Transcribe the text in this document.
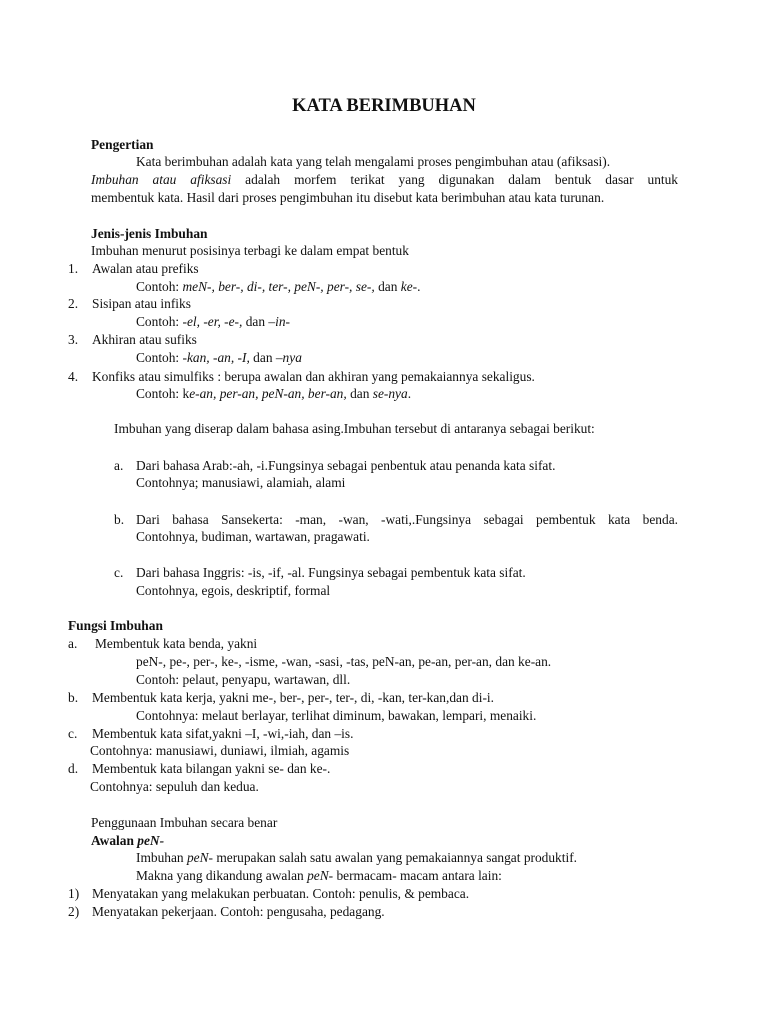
KATA BERIMBUHAN
Pengertian
Kata berimbuhan adalah kata yang telah mengalami proses pengimbuhan atau (afiksasi).
Imbuhan atau afiksasi adalah morfem terikat yang digunakan dalam bentuk dasar untuk
membentuk kata. Hasil dari proses pengimbuhan itu disebut kata berimbuhan atau kata turunan.
Jenis-jenis Imbuhan
Imbuhan menurut posisinya terbagi ke dalam empat bentuk
1. Awalan atau prefiks
Contoh: meN-, ber-, di-, ter-, peN-, per-, se-, dan ke-.
2. Sisipan atau infiks
Contoh: -el, -er, -e-, dan –in-
3. Akhiran atau sufiks
Contoh: -kan, -an, -I, dan –nya
4. Konfiks atau simulfiks : berupa awalan dan akhiran yang pemakaiannya sekaligus.
Contoh: ke-an, per-an, peN-an, ber-an, dan se-nya.
Imbuhan yang diserap dalam bahasa asing.Imbuhan tersebut di antaranya sebagai berikut:
a. Dari bahasa Arab:-ah, -i.Fungsinya sebagai penbentuk atau penanda kata sifat.
Contohnya; manusiawi, alamiah, alami
b. Dari bahasa Sansekerta: -man, -wan, -wati,.Fungsinya sebagai pembentuk kata benda.
Contohnya, budiman, wartawan, pragawati.
c. Dari bahasa Inggris: -is, -if, -al. Fungsinya sebagai pembentuk kata sifat.
Contohnya, egois, deskriptif, formal
Fungsi Imbuhan
a. Membentuk kata benda, yakni
peN-, pe-, per-, ke-, -isme, -wan, -sasi, -tas, peN-an, pe-an, per-an, dan ke-an.
Contoh: pelaut, penyapu, wartawan, dll.
b. Membentuk kata kerja, yakni me-, ber-, per-, ter-, di, -kan, ter-kan,dan di-i.
Contohnya: melaut berlayar, terlihat diminum, bawakan, lempari, menaiki.
c. Membentuk kata sifat,yakni –I, -wi,-iah, dan –is.
Contohnya: manusiawi, duniawi, ilmiah, agamis
d. Membentuk kata bilangan yakni se- dan ke-.
Contohnya: sepuluh dan kedua.
Penggunaan Imbuhan secara benar
Awalan peN-
Imbuhan peN- merupakan salah satu awalan yang pemakaiannya sangat produktif.
Makna yang dikandung awalan peN- bermacam- macam antara lain:
1) Menyatakan yang melakukan perbuatan. Contoh: penulis, & pembaca.
2) Menyatakan pekerjaan. Contoh: pengusaha, pedagang.
